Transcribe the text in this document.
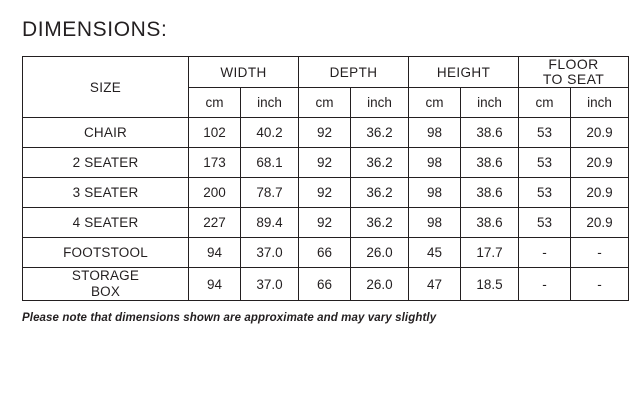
DIMENSIONS:
SIZE	WIDTH		DEPTH		HEIGHT		FLOOR
TO SEAT	
	cm	inch	cm	inch	cm	inch	cm	inch
CHAIR	102	40.2	92	36.2	98	38.6	53	20.9
2 SEATER	173	68.1	92	36.2	98	38.6	53	20.9
3 SEATER	200	78.7	92	36.2	98	38.6	53	20.9
4 SEATER	227	89.4	92	36.2	98	38.6	53	20.9
FOOTSTOOL	94	37.0	66	26.0	45	17.7	-	-
STORAGE
BOX	94	37.0	66	26.0	47	18.5	-	-
Please note that dimensions shown are approximate and may vary slightly
